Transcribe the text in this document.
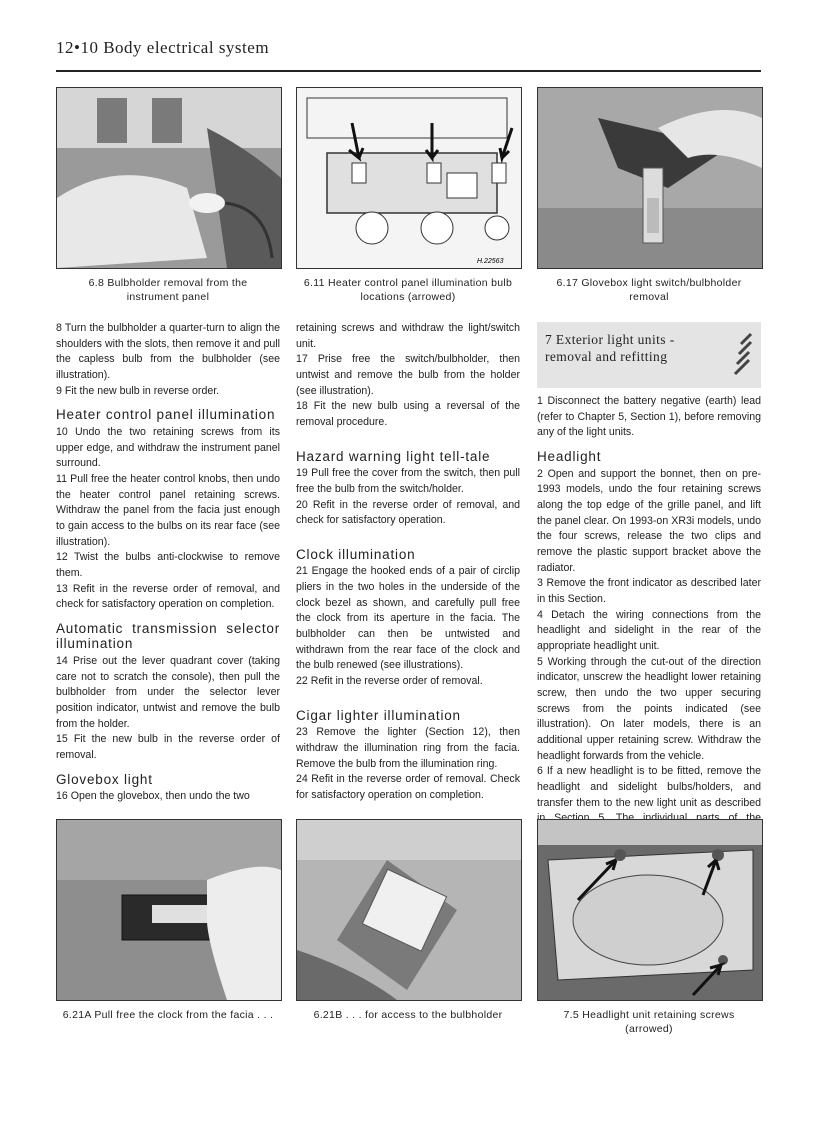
12•10 Body electrical system
H.22563
6.8 Bulbholder removal from the instrument panel
6.11 Heater control panel illumination bulb locations (arrowed)
6.17 Glovebox light switch/bulbholder removal

8 Turn the bulbholder a quarter-turn to align the shoulders with the slots, then remove it and pull the capless bulb from the bulbholder (see illustration).

9 Fit the new bulb in reverse order.

Heater control panel illumination

10 Undo the two retaining screws from its upper edge, and withdraw the instrument panel surround.

11 Pull free the heater control knobs, then undo the heater control panel retaining screws. Withdraw the panel from the facia just enough to gain access to the bulbs on its rear face (see illustration).

12 Twist the bulbs anti-clockwise to remove them.

13 Refit in the reverse order of removal, and check for satisfactory operation on completion.

Automatic transmission selector illumination

14 Prise out the lever quadrant cover (taking care not to scratch the console), then pull the bulbholder from under the selector lever position indicator, untwist and remove the bulb from the holder.

15 Fit the new bulb in the reverse order of removal.

Glovebox light

16 Open the glovebox, then undo the two

retaining screws and withdraw the light/switch unit.

17 Prise free the switch/bulbholder, then untwist and remove the bulb from the holder (see illustration).

18 Fit the new bulb using a reversal of the removal procedure.

Hazard warning light tell-tale

19 Pull free the cover from the switch, then pull free the bulb from the switch/holder.

20 Refit in the reverse order of removal, and check for satisfactory operation.

Clock illumination

21 Engage the hooked ends of a pair of circlip pliers in the two holes in the underside of the clock bezel as shown, and carefully pull free the clock from its aperture in the facia. The bulbholder can then be untwisted and withdrawn from the rear face of the clock and the bulb renewed (see illustrations).

22 Refit in the reverse order of removal.

Cigar lighter illumination

23 Remove the lighter (Section 12), then withdraw the illumination ring from the facia. Remove the bulb from the illumination ring.

24 Refit in the reverse order of removal. Check for satisfactory operation on completion.

7 Exterior light units - removal and refitting

1 Disconnect the battery negative (earth) lead (refer to Chapter 5, Section 1), before removing any of the light units.

Headlight

2 Open and support the bonnet, then on pre-1993 models, undo the four retaining screws along the top edge of the grille panel, and lift the panel clear. On 1993-on XR3i models, undo the four screws, release the two clips and remove the plastic support bracket above the radiator.

3 Remove the front indicator as described later in this Section.

4 Detach the wiring connections from the headlight and sidelight in the rear of the appropriate headlight unit.

5 Working through the cut-out of the direction indicator, unscrew the headlight lower retaining screw, then undo the two upper securing screws from the points indicated (see illustration). On later models, there is an additional upper retaining screw. Withdraw the headlight forwards from the vehicle.

6 If a new headlight is to be fitted, remove the headlight and sidelight bulbs/holders, and transfer them to the new light unit as described

6.21A Pull free the clock from the facia . . .	6.21B . . . for access to the bulbholder	7.5 Headlight unit retaining screws (arrowed)
